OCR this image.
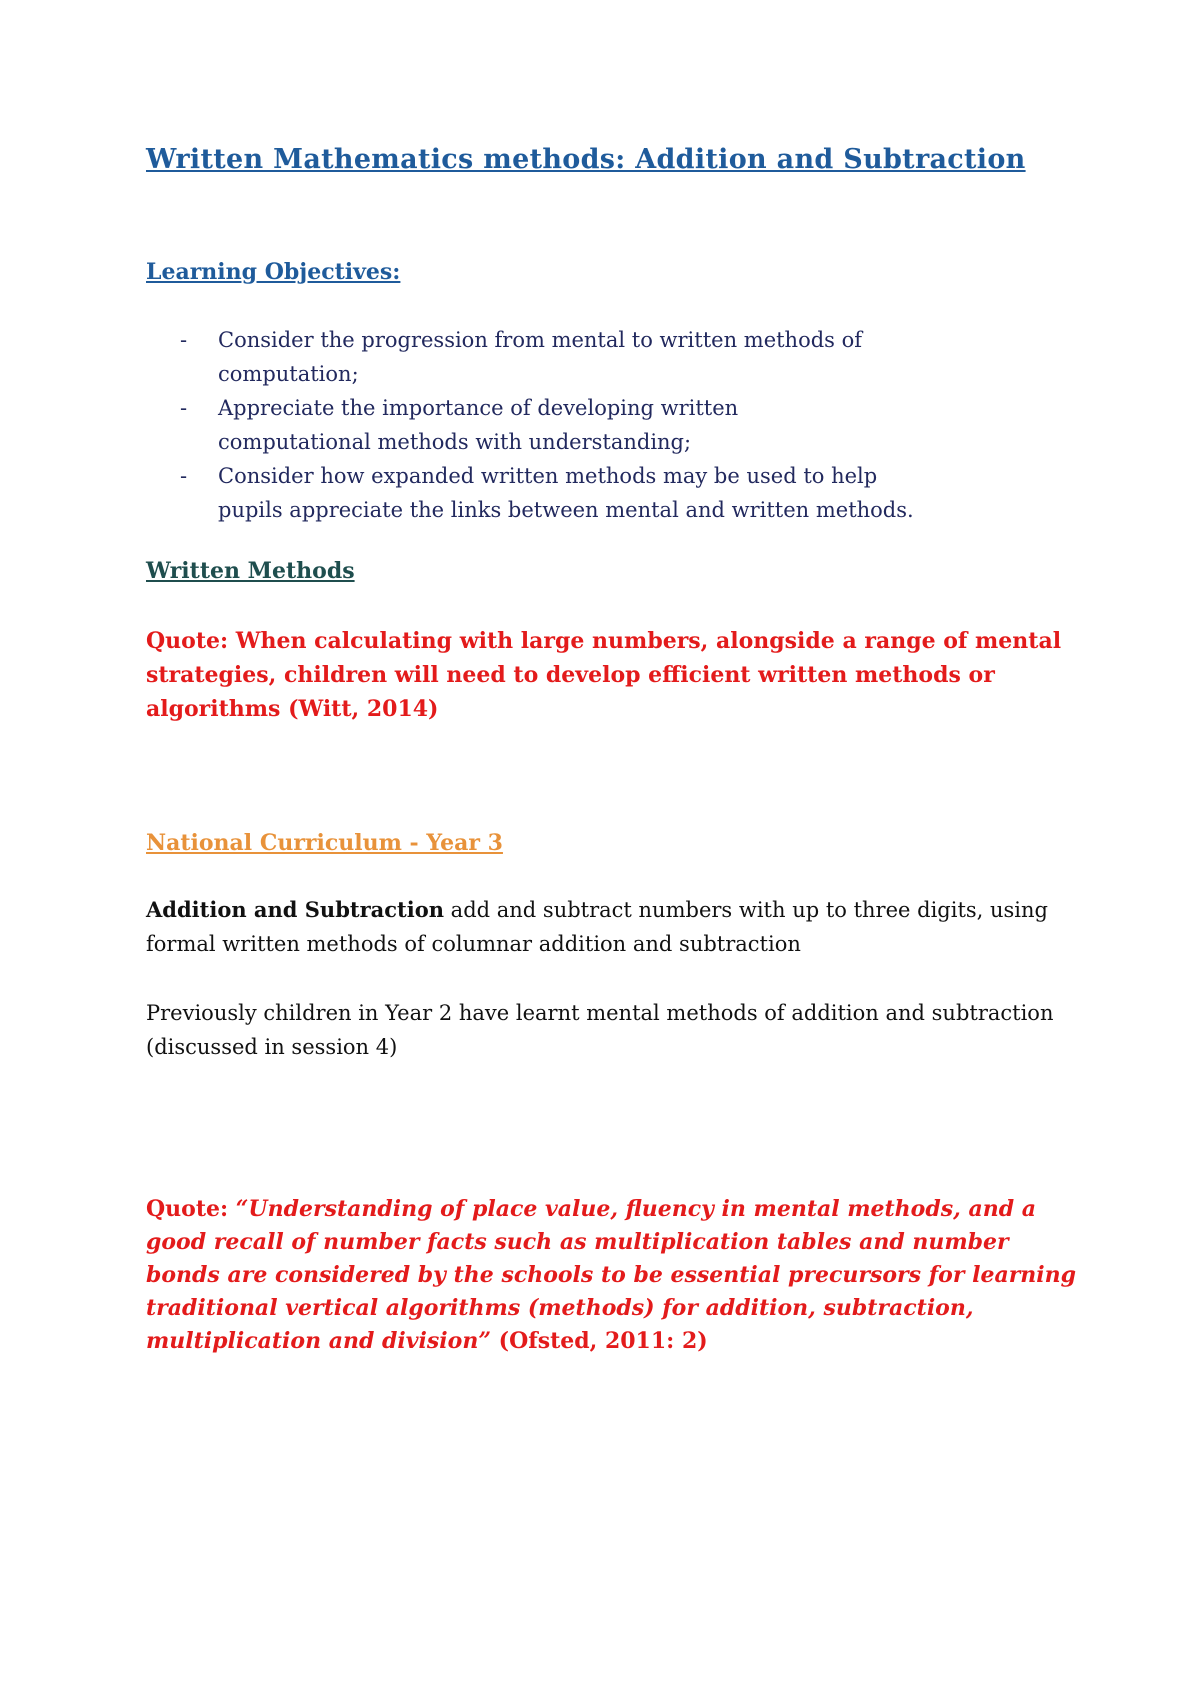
Written Mathematics methods: Addition and Subtraction
Learning Objectives:
- Consider the progression from mental to written methods of computation;
- Appreciate the importance of developing written computational methods with understanding;
- Consider how expanded written methods may be used to help pupils appreciate the links between mental and written methods.
Written Methods

Quote: When calculating with large numbers, alongside a range of mental strategies, children will need to develop efficient written methods or algorithms (Witt, 2014)

National Curriculum - Year 3

Addition and Subtraction add and subtract numbers with up to three digits, using formal written methods of columnar addition and subtraction

Previously children in Year 2 have learnt mental methods of addition and subtraction (discussed in session 4)

Quote: “Understanding of place value, fluency in mental methods, and a good recall of number facts such as multiplication tables and number bonds are considered by the schools to be essential precursors for learning traditional vertical algorithms (methods) for addition, subtraction, multiplication and division” (Ofsted, 2011: 2)
